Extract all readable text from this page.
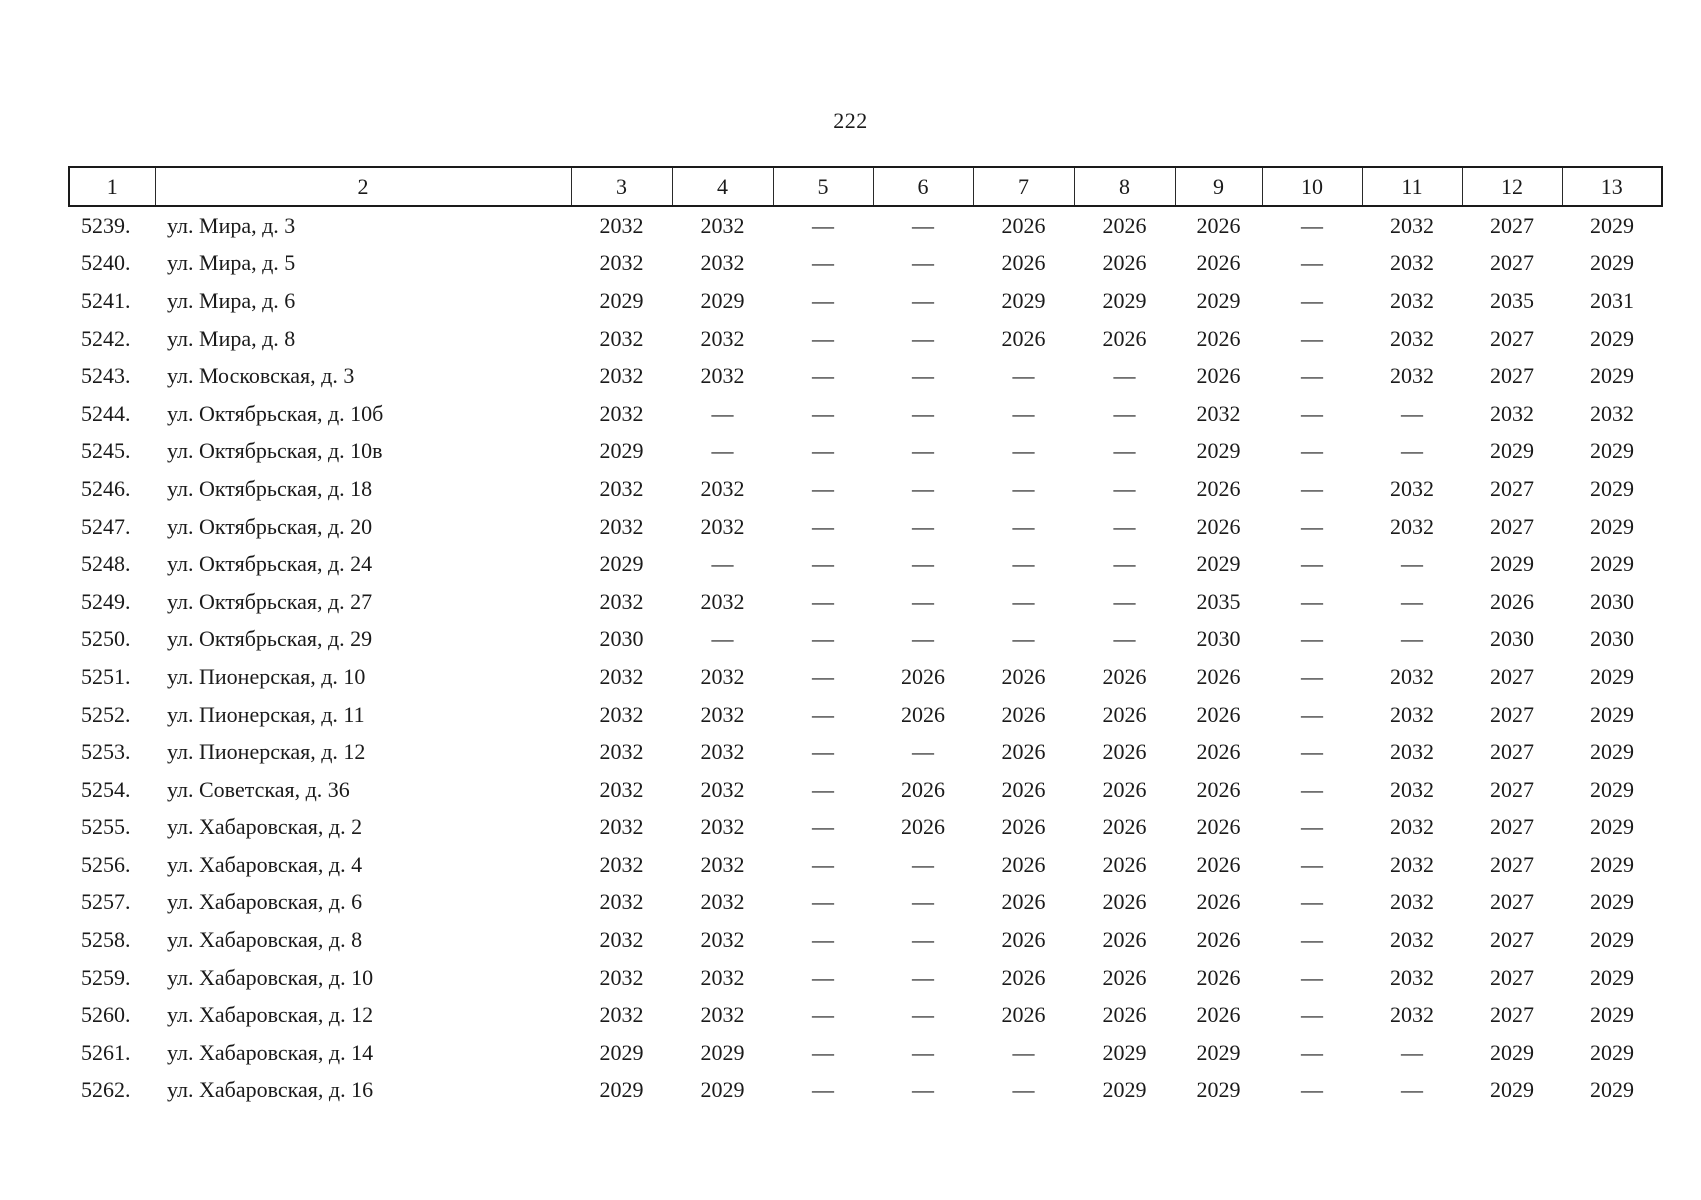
222
1	2	3	4	5	6	7	8	9	10	11	12	13
5239.	ул. Мира, д. 3	2032	2032	—	—	2026	2026	2026	—	2032	2027	2029
5240.	ул. Мира, д. 5	2032	2032	—	—	2026	2026	2026	—	2032	2027	2029
5241.	ул. Мира, д. 6	2029	2029	—	—	2029	2029	2029	—	2032	2035	2031
5242.	ул. Мира, д. 8	2032	2032	—	—	2026	2026	2026	—	2032	2027	2029
5243.	ул. Московская, д. 3	2032	2032	—	—	—	—	2026	—	2032	2027	2029
5244.	ул. Октябрьская, д. 10б	2032	—	—	—	—	—	2032	—	—	2032	2032
5245.	ул. Октябрьская, д. 10в	2029	—	—	—	—	—	2029	—	—	2029	2029
5246.	ул. Октябрьская, д. 18	2032	2032	—	—	—	—	2026	—	2032	2027	2029
5247.	ул. Октябрьская, д. 20	2032	2032	—	—	—	—	2026	—	2032	2027	2029
5248.	ул. Октябрьская, д. 24	2029	—	—	—	—	—	2029	—	—	2029	2029
5249.	ул. Октябрьская, д. 27	2032	2032	—	—	—	—	2035	—	—	2026	2030
5250.	ул. Октябрьская, д. 29	2030	—	—	—	—	—	2030	—	—	2030	2030
5251.	ул. Пионерская, д. 10	2032	2032	—	2026	2026	2026	2026	—	2032	2027	2029
5252.	ул. Пионерская, д. 11	2032	2032	—	2026	2026	2026	2026	—	2032	2027	2029
5253.	ул. Пионерская, д. 12	2032	2032	—	—	2026	2026	2026	—	2032	2027	2029
5254.	ул. Советская, д. 36	2032	2032	—	2026	2026	2026	2026	—	2032	2027	2029
5255.	ул. Хабаровская, д. 2	2032	2032	—	2026	2026	2026	2026	—	2032	2027	2029
5256.	ул. Хабаровская, д. 4	2032	2032	—	—	2026	2026	2026	—	2032	2027	2029
5257.	ул. Хабаровская, д. 6	2032	2032	—	—	2026	2026	2026	—	2032	2027	2029
5258.	ул. Хабаровская, д. 8	2032	2032	—	—	2026	2026	2026	—	2032	2027	2029
5259.	ул. Хабаровская, д. 10	2032	2032	—	—	2026	2026	2026	—	2032	2027	2029
5260.	ул. Хабаровская, д. 12	2032	2032	—	—	2026	2026	2026	—	2032	2027	2029
5261.	ул. Хабаровская, д. 14	2029	2029	—	—	—	2029	2029	—	—	2029	2029
5262.	ул. Хабаровская, д. 16	2029	2029	—	—	—	2029	2029	—	—	2029	2029
